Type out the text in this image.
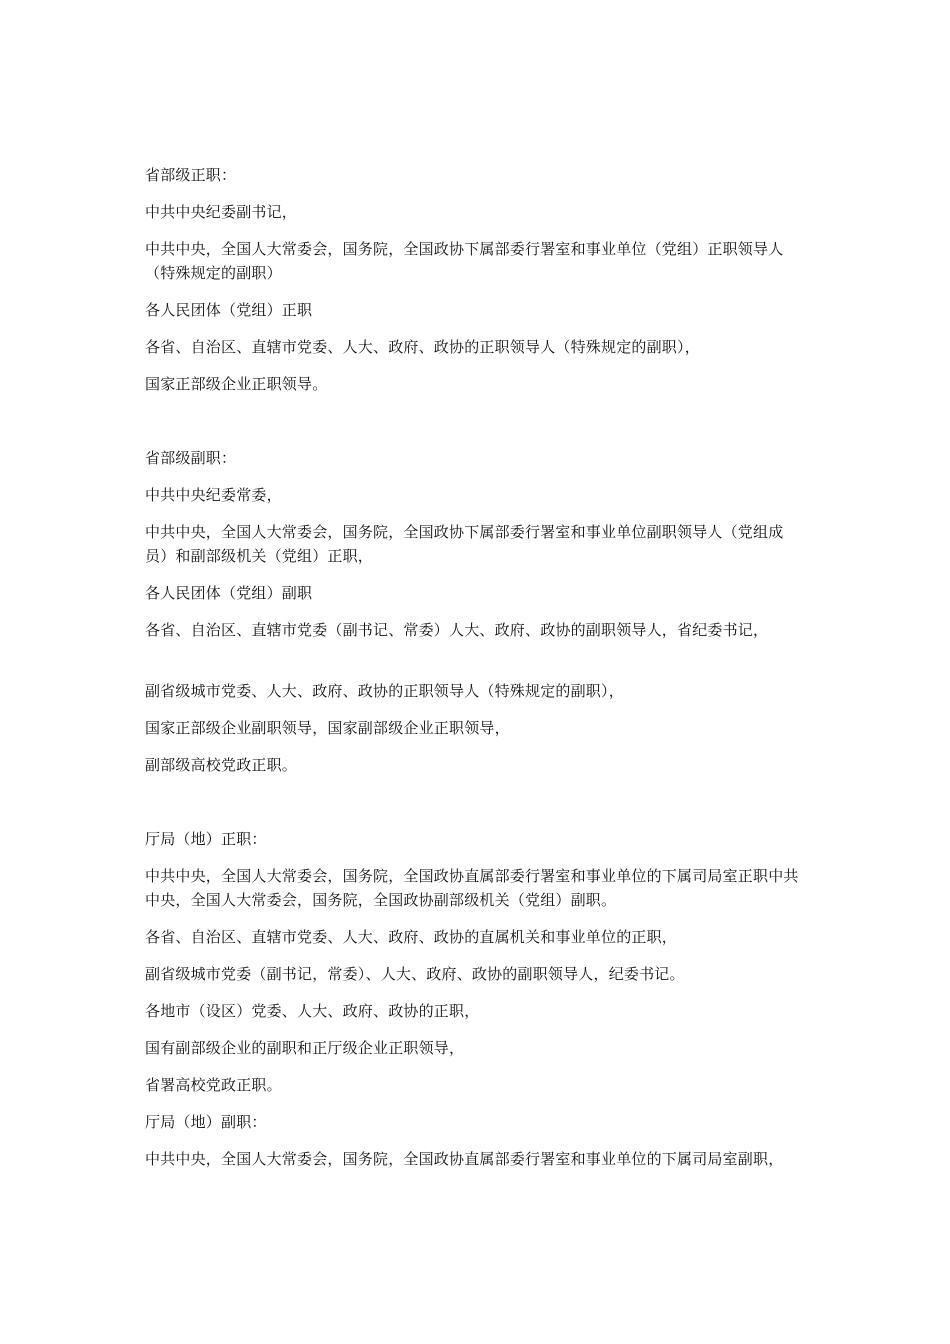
省部级正职：

中共中央纪委副书记，

中共中央，全国人大常委会，国务院，全国政协下属部委行署室和事业单位（党组）正职领导人（特殊规定的副职）

各人民团体（党组）正职

各省、自治区、直辖市党委、人大、政府、政协的正职领导人（特殊规定的副职），

国家正部级企业正职领导。

省部级副职：

中共中央纪委常委，

中共中央，全国人大常委会，国务院，全国政协下属部委行署室和事业单位副职领导人（党组成员）和副部级机关（党组）正职，

各人民团体（党组）副职

各省、自治区、直辖市党委（副书记、常委）人大、政府、政协的副职领导人，省纪委书记，

副省级城市党委、人大、政府、政协的正职领导人（特殊规定的副职），

国家正部级企业副职领导，国家副部级企业正职领导，

副部级高校党政正职。

厅局（地）正职：

中共中央，全国人大常委会，国务院，全国政协直属部委行署室和事业单位的下属司局室正职中共中央，全国人大常委会，国务院，全国政协副部级机关（党组）副职。

各省、自治区、直辖市党委、人大、政府、政协的直属机关和事业单位的正职，

副省级城市党委（副书记，常委）、人大、政府、政协的副职领导人，纪委书记。

各地市（设区）党委、人大、政府、政协的正职，

国有副部级企业的副职和正厅级企业正职领导，

省署高校党政正职。

厅局（地）副职：

中共中央，全国人大常委会，国务院，全国政协直属部委行署室和事业单位的下属司局室副职，
